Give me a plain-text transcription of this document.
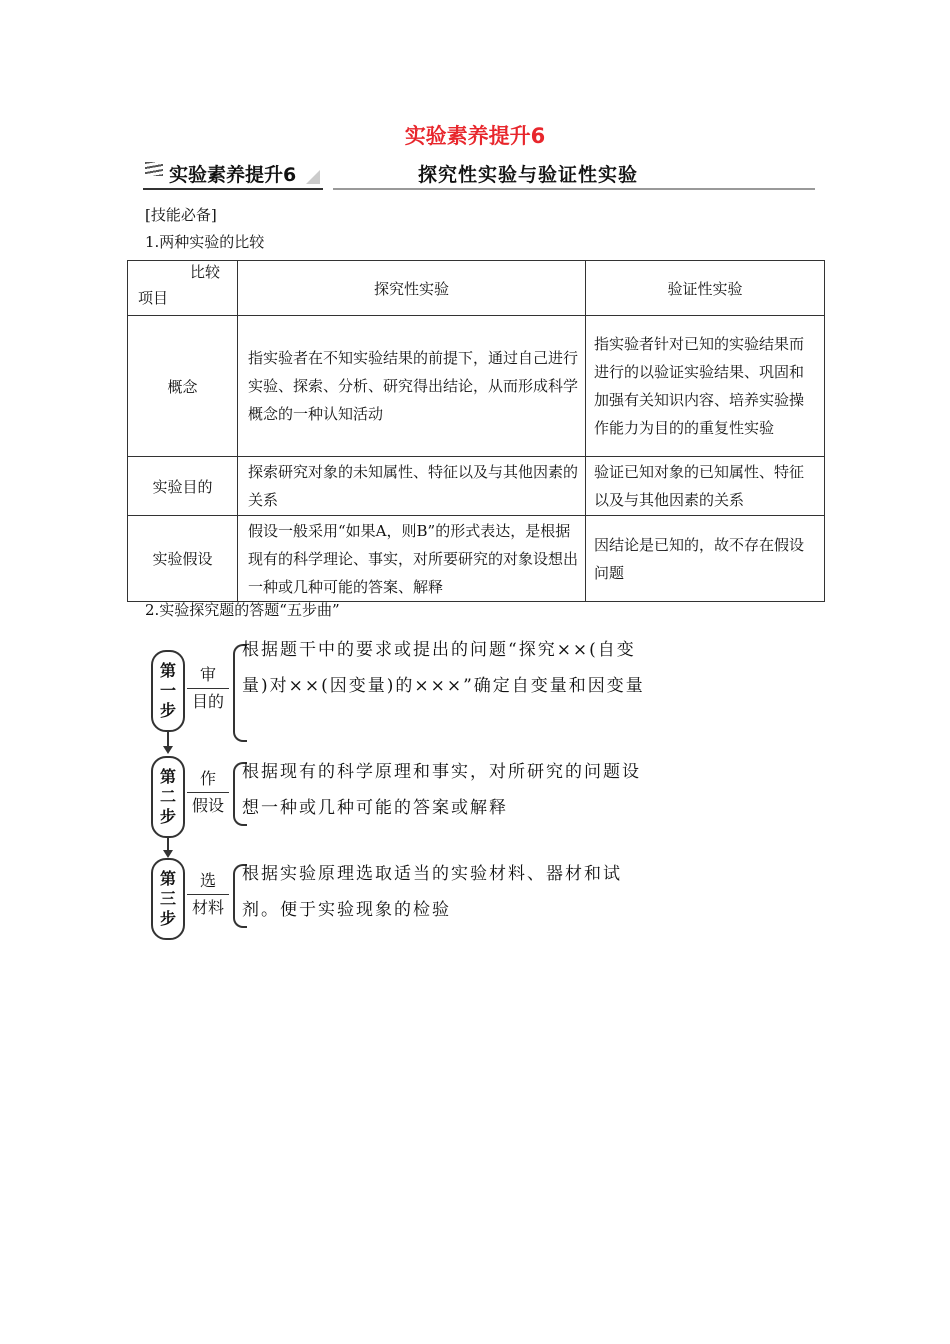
实验素养提升6
实验素养提升6	探究性实验与验证性实验
[技能必备]
1.两种实验的比较
比较
项目	探究性实验	验证性实验
概念	指实验者在不知实验结果的前提下，通过自己进行实验、探索、分析、研究得出结论，从而形成科学概念的一种认知活动	指实验者针对已知的实验结果而进行的以验证实验结果、巩固和加强有关知识内容、培养实验操作能力为目的的重复性实验
实验目的	探索研究对象的未知属性、特征以及与其他因素的关系	验证已知对象的已知属性、特征以及与其他因素的关系
实验假设	假设一般采用“如果A，则B”的形式表达，是根据现有的科学理论、事实，对所要研究的对象设想出一种或几种可能的答案、解释	因结论是已知的，故不存在假设问题
2.实验探究题的答题“五步曲”
第
一
步
审
目的
根据题干中的要求或提出的问题“探究××(自变量)对××(因变量)的×××”确定自变量和因变量
第
二
步
作
假设
根据现有的科学原理和事实，对所研究的问题设想一种或几种可能的答案或解释
第
三
步
选
材料
根据实验原理选取适当的实验材料、器材和试剂。便于实验现象的检验
